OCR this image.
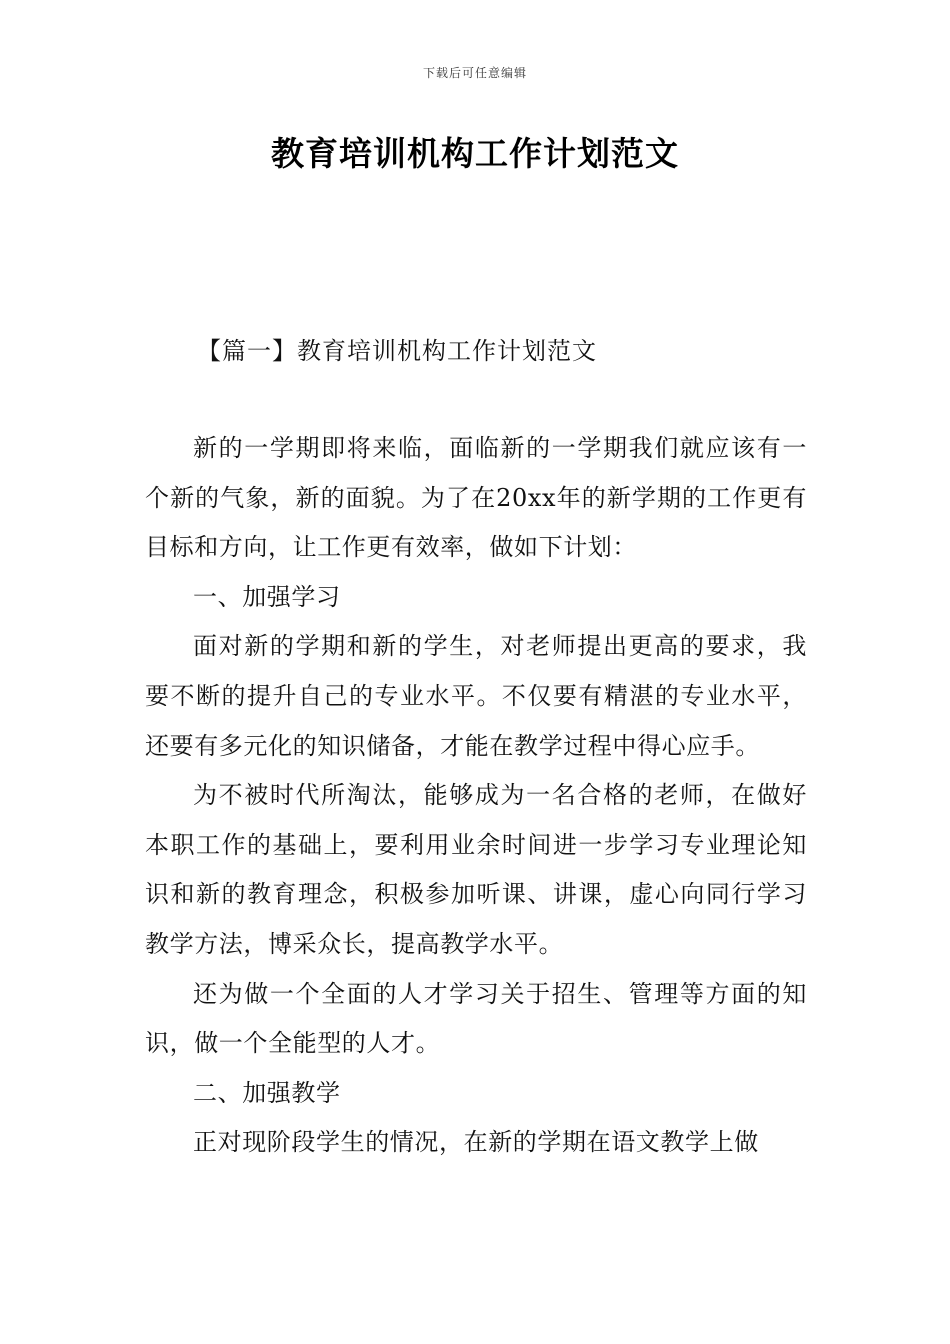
下载后可任意编辑
教育培训机构工作计划范文
【篇一】教育培训机构工作计划范文

新的一学期即将来临，面临新的一学期我们就应该有一个新的气象，新的面貌。为了在20xx年的新学期的工作更有目标和方向，让工作更有效率，做如下计划：

一、加强学习

面对新的学期和新的学生，对老师提出更高的要求，我要不断的提升自己的专业水平。不仅要有精湛的专业水平，还要有多元化的知识储备，才能在教学过程中得心应手。

为不被时代所淘汰，能够成为一名合格的老师，在做好本职工作的基础上，要利用业余时间进一步学习专业理论知识和新的教育理念，积极参加听课、讲课，虚心向同行学习教学方法，博采众长，提高教学水平。

还为做一个全面的人才学习关于招生、管理等方面的知识，做一个全能型的人才。

二、加强教学

正对现阶段学生的情况，在新的学期在语文教学上做
